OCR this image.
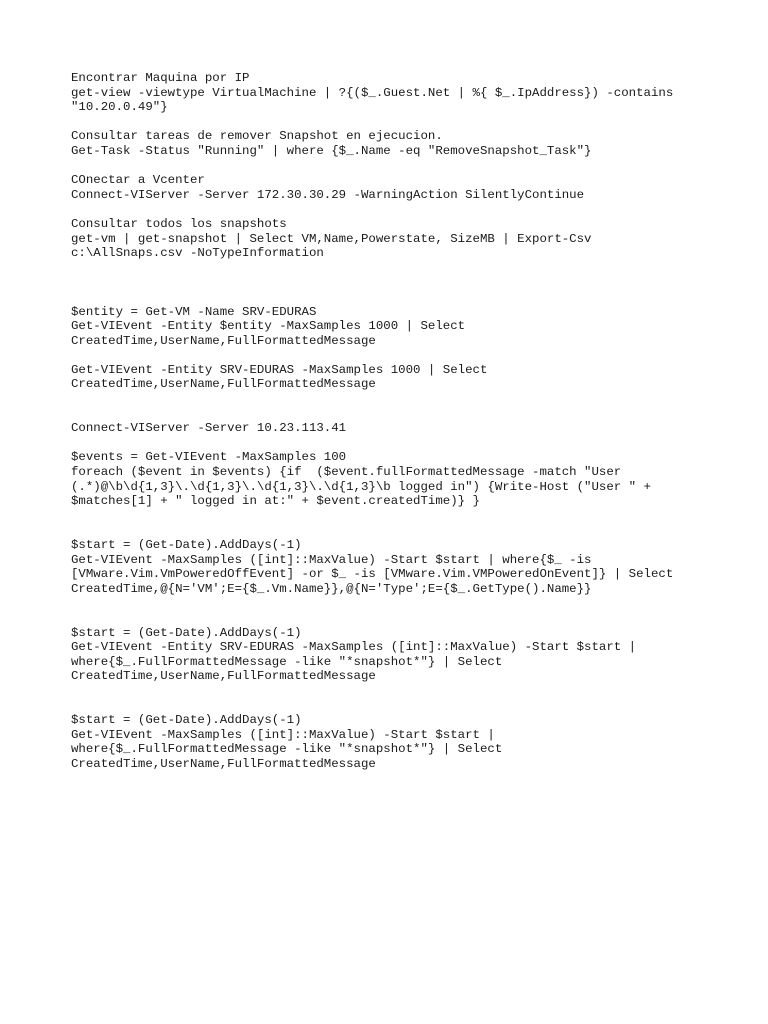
Encontrar Maquina por IP
get-view -viewtype VirtualMachine | ?{($_.Guest.Net | %{ $_.IpAddress}) -contains
"10.20.0.49"}
Consultar tareas de remover Snapshot en ejecucion.
Get-Task -Status "Running" | where {$_.Name -eq "RemoveSnapshot_Task"}
COnectar a Vcenter
Connect-VIServer -Server 172.30.30.29 -WarningAction SilentlyContinue
Consultar todos los snapshots
get-vm | get-snapshot | Select VM,Name,Powerstate, SizeMB | Export-Csv
c:\AllSnaps.csv -NoTypeInformation
$entity = Get-VM -Name SRV-EDURAS
Get-VIEvent -Entity $entity -MaxSamples 1000 | Select
CreatedTime,UserName,FullFormattedMessage
Get-VIEvent -Entity SRV-EDURAS -MaxSamples 1000 | Select
CreatedTime,UserName,FullFormattedMessage
Connect-VIServer -Server 10.23.113.41
$events = Get-VIEvent -MaxSamples 100
foreach ($event in $events) {if  ($event.fullFormattedMessage -match "User
(.*)@\b\d{1,3}\.\d{1,3}\.\d{1,3}\.\d{1,3}\b logged in") {Write-Host ("User " +
$matches[1] + " logged in at:" + $event.createdTime)} }
$start = (Get-Date).AddDays(-1)
Get-VIEvent -MaxSamples ([int]::MaxValue) -Start $start | where{$_ -is
[VMware.Vim.VmPoweredOffEvent] -or $_ -is [VMware.Vim.VMPoweredOnEvent]} | Select
CreatedTime,@{N='VM';E={$_.Vm.Name}},@{N='Type';E={$_.GetType().Name}}
$start = (Get-Date).AddDays(-1)
Get-VIEvent -Entity SRV-EDURAS -MaxSamples ([int]::MaxValue) -Start $start |
where{$_.FullFormattedMessage -like "*snapshot*"} | Select
CreatedTime,UserName,FullFormattedMessage
$start = (Get-Date).AddDays(-1)
Get-VIEvent -MaxSamples ([int]::MaxValue) -Start $start |
where{$_.FullFormattedMessage -like "*snapshot*"} | Select
CreatedTime,UserName,FullFormattedMessage
